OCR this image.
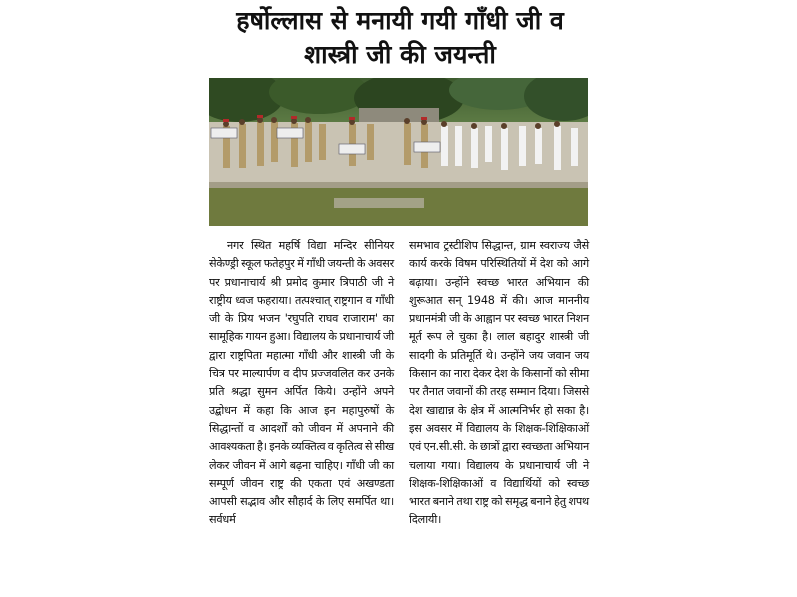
हर्षोल्लास से मनायी गयी गाँधी जी व
शास्त्री जी की जयन्ती

नगर स्थित महर्षि विद्या मन्दिर सीनियर सेकेण्ड्री स्कूल फतेहपुर में गाँधी जयन्ती के अवसर पर प्रधानाचार्य श्री प्रमोद कुमार त्रिपाठी जी ने राष्ट्रीय ध्वज फहराया। तत्पश्चात् राष्ट्रगान व गाँधी जी के प्रिय भजन 'रघुपति राघव राजाराम' का सामूहिक गायन हुआ। विद्यालय के प्रधानाचार्य जी द्वारा राष्ट्रपिता महात्मा गाँधी और शास्त्री जी के चित्र पर माल्यार्पण व दीप प्रज्जवलित कर उनके प्रति श्रद्धा सुमन अर्पित किये। उन्होंने अपने उद्बोधन में कहा कि आज इन महापुरुषों के सिद्धान्तों व आदर्शों को जीवन में अपनाने की आवश्यकता है। इनके व्यक्तित्व व कृतित्व से सीख लेकर जीवन में आगे बढ़ना चाहिए। गाँधी जी का सम्पूर्ण जीवन राष्ट्र की एकता एवं अखण्डता आपसी सद्भाव और सौहार्द के लिए समर्पित था। सर्वधर्म

समभाव ट्रस्टीशिप सिद्धान्त, ग्राम स्वराज्य जैसे कार्य करके विषम परिस्थितियों में देश को आगे बढ़ाया। उन्होंने स्वच्छ भारत अभियान की शुरूआत सन् 1948 में की। आज माननीय प्रधानमंत्री जी के आह्वान पर स्वच्छ भारत निशन मूर्त रूप ले चुका है। लाल बहादुर शास्त्री जी सादगी के प्रतिमूर्ति थे। उन्होंने जय जवान जय किसान का नारा देकर देश के किसानों को सीमा पर तैनात जवानों की तरह सम्मान दिया। जिससे देश खाद्यान्न के क्षेत्र में आत्मनिर्भर हो सका है। इस अवसर में विद्यालय के शिक्षक-शिक्षिकाओं एवं एन.सी.सी. के छात्रों द्वारा स्वच्छता अभियान चलाया गया। विद्यालय के प्रधानाचार्य जी ने शिक्षक-शिक्षिकाओं व विद्यार्थियों को स्वच्छ भारत बनाने तथा राष्ट्र को समृद्ध बनाने हेतु शपथ दिलायी।
